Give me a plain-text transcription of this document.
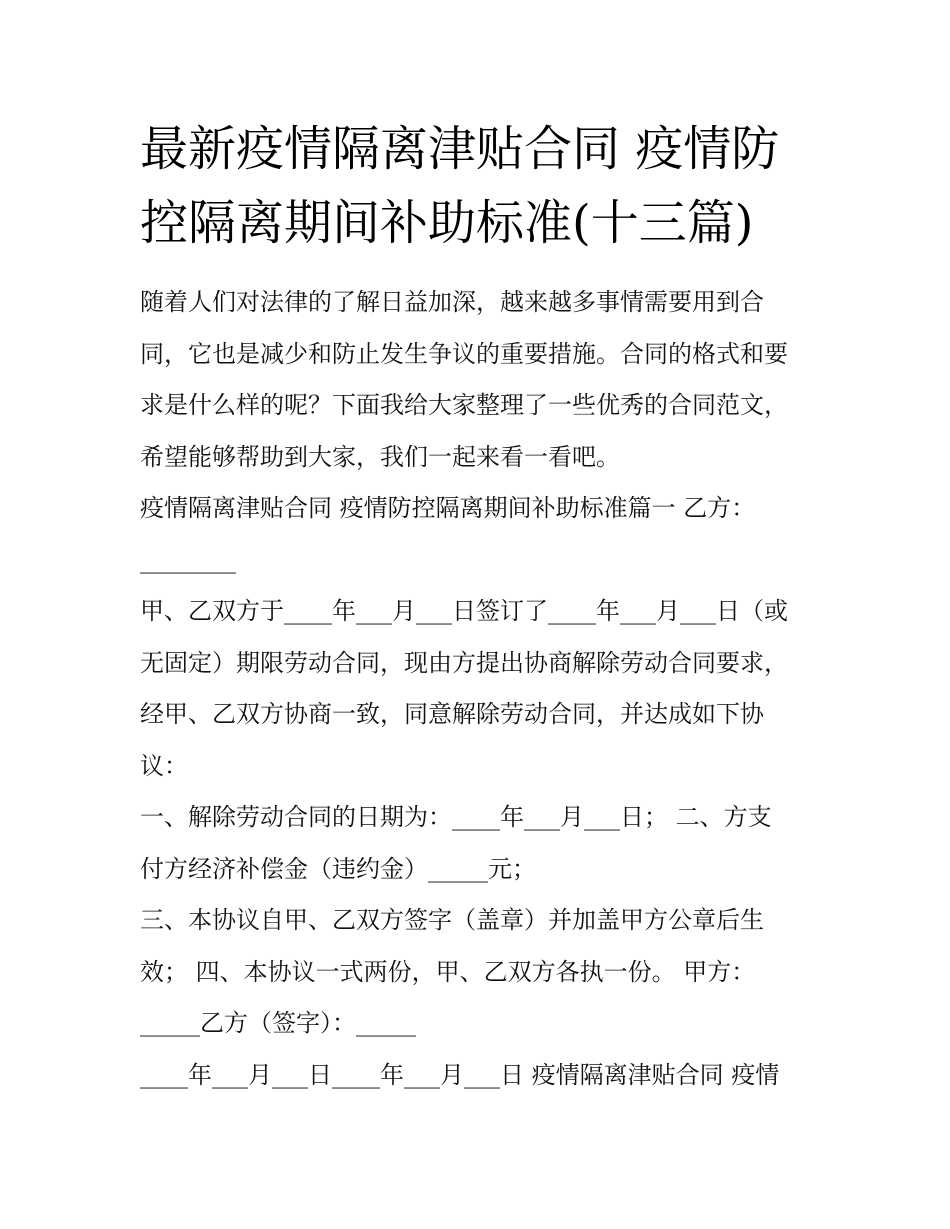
最新疫情隔离津贴合同 疫情防
控隔离期间补助标准(十三篇)
随着人们对法律的了解日益加深，越来越多事情需要用到合
同，它也是减少和防止发生争议的重要措施。合同的格式和要
求是什么样的呢？下面我给大家整理了一些优秀的合同范文，
希望能够帮助到大家，我们一起来看一看吧。
疫情隔离津贴合同 疫情防控隔离期间补助标准篇一 乙方：
________
甲、乙双方于____年___月___日签订了____年___月___日（或
无固定）期限劳动合同，现由方提出协商解除劳动合同要求，
经甲、乙双方协商一致，同意解除劳动合同，并达成如下协
议：
一、解除劳动合同的日期为：____年___月___日； 二、方支
付方经济补偿金（违约金）_____元；
三、本协议自甲、乙双方签字（盖章）并加盖甲方公章后生
效； 四、本协议一式两份，甲、乙双方各执一份。 甲方：
_____乙方（签字）：_____
____年___月___日____年___月___日 疫情隔离津贴合同 疫情
